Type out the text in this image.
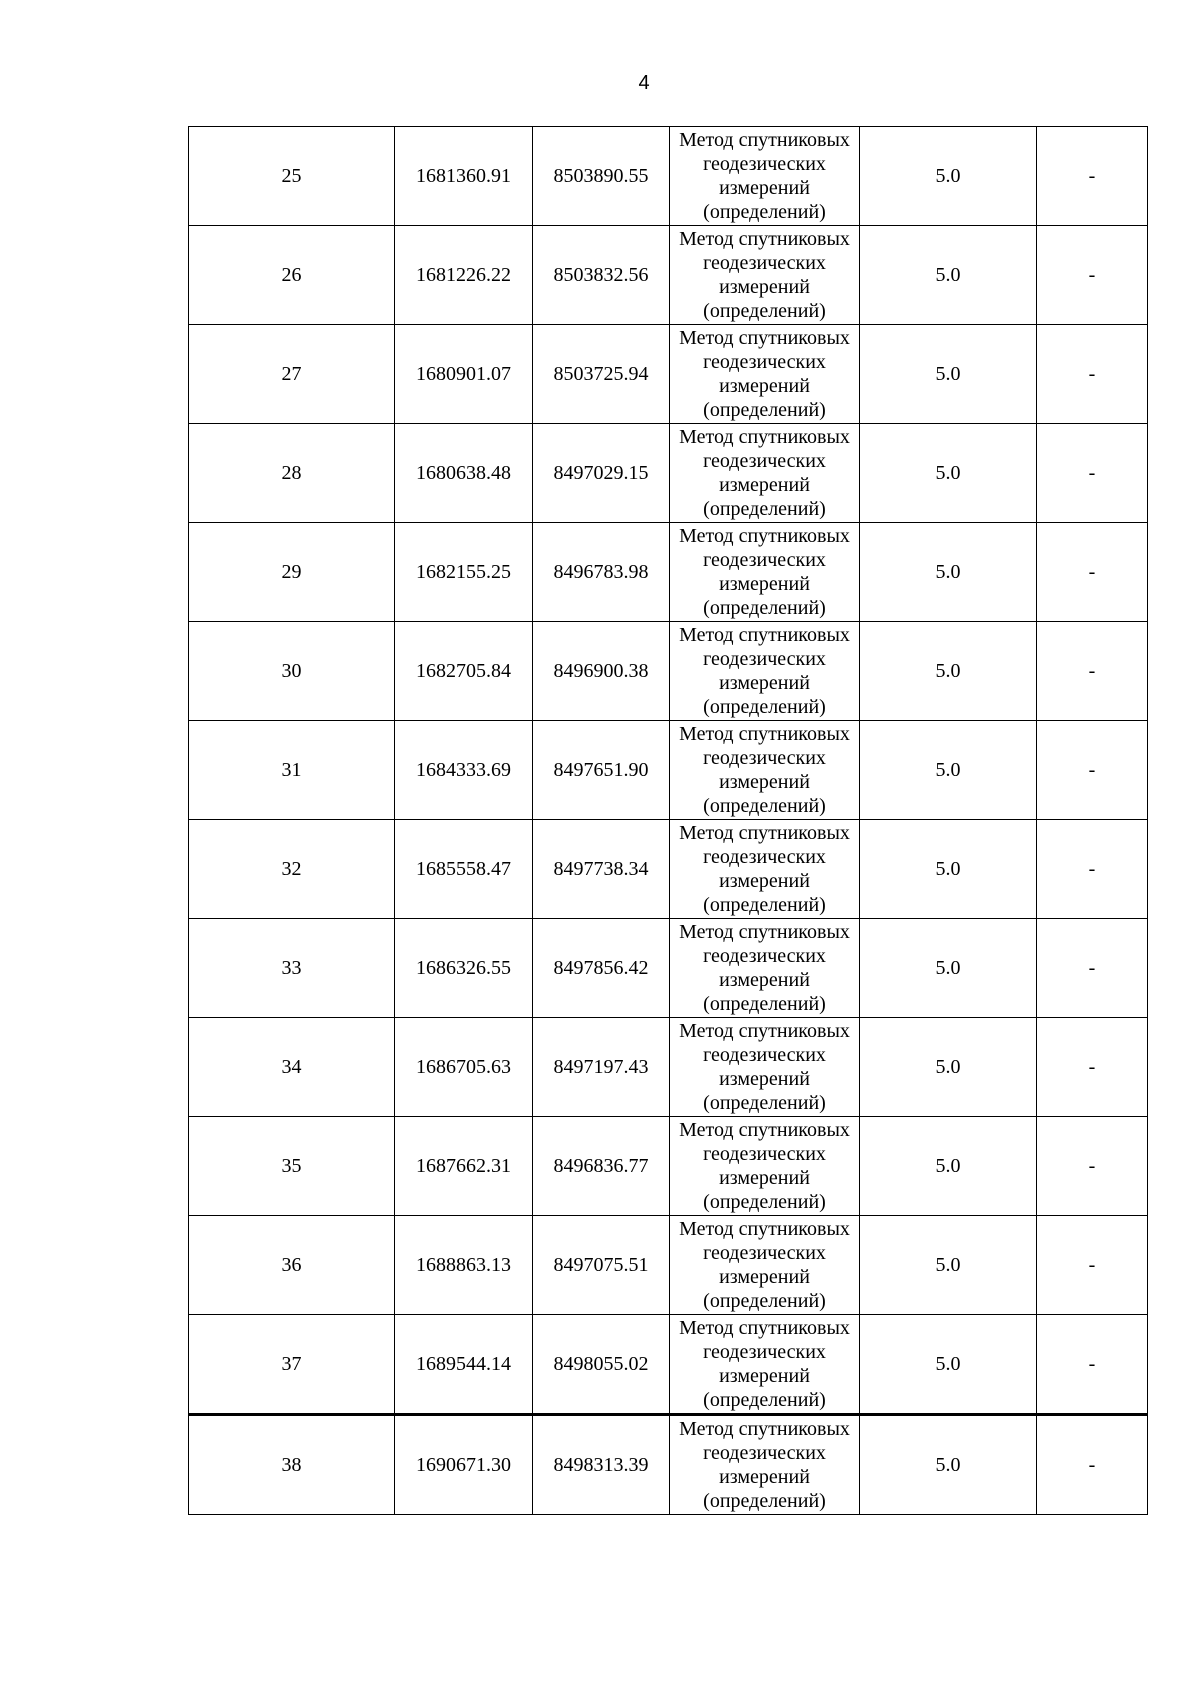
4
25	1681360.91	8503890.55	Метод спутниковых
геодезических
измерений
(определений)	5.0	-
26	1681226.22	8503832.56	Метод спутниковых
геодезических
измерений
(определений)	5.0	-
27	1680901.07	8503725.94	Метод спутниковых
геодезических
измерений
(определений)	5.0	-
28	1680638.48	8497029.15	Метод спутниковых
геодезических
измерений
(определений)	5.0	-
29	1682155.25	8496783.98	Метод спутниковых
геодезических
измерений
(определений)	5.0	-
30	1682705.84	8496900.38	Метод спутниковых
геодезических
измерений
(определений)	5.0	-
31	1684333.69	8497651.90	Метод спутниковых
геодезических
измерений
(определений)	5.0	-
32	1685558.47	8497738.34	Метод спутниковых
геодезических
измерений
(определений)	5.0	-
33	1686326.55	8497856.42	Метод спутниковых
геодезических
измерений
(определений)	5.0	-
34	1686705.63	8497197.43	Метод спутниковых
геодезических
измерений
(определений)	5.0	-
35	1687662.31	8496836.77	Метод спутниковых
геодезических
измерений
(определений)	5.0	-
36	1688863.13	8497075.51	Метод спутниковых
геодезических
измерений
(определений)	5.0	-
37	1689544.14	8498055.02	Метод спутниковых
геодезических
измерений
(определений)	5.0	-
38	1690671.30	8498313.39	Метод спутниковых
геодезических
измерений
(определений)	5.0	-
